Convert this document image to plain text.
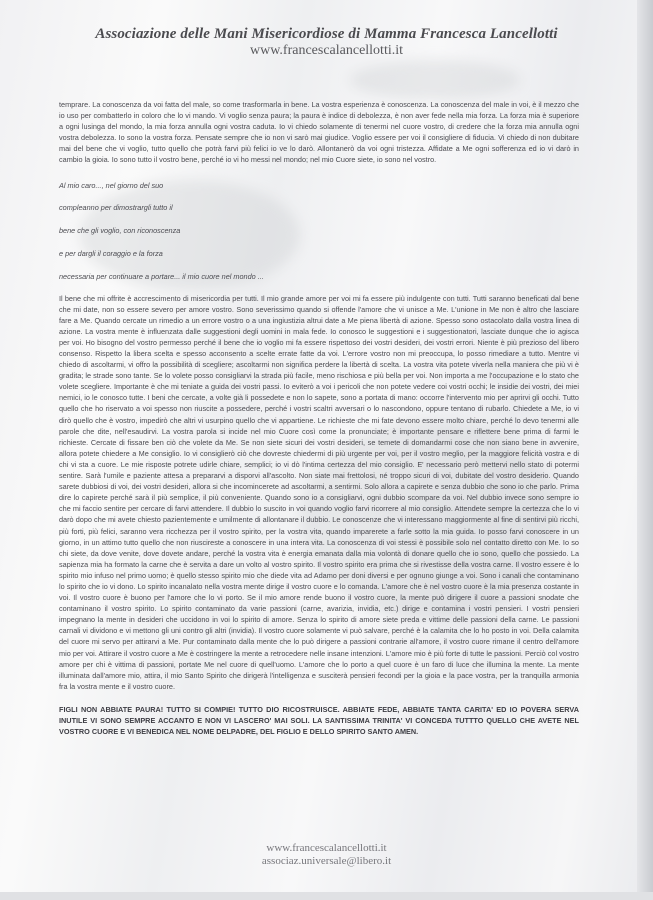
Associazione delle Mani Misericordiose di Mamma Francesca Lancellotti
www.francescalancellotti.it

temprare. La conoscenza da voi fatta del male, so come trasformarla in bene. La vostra esperienza è conoscenza. La conoscenza del male in voi, è il mezzo che io uso per combatterlo in coloro che lo vi mando. Vi voglio senza paura; la paura è indice di debolezza, è non aver fede nella mia forza. La forza mia è superiore a ogni lusinga del mondo, la mia forza annulla ogni vostra caduta. Io vi chiedo solamente di tenermi nel cuore vostro, di credere che la forza mia annulla ogni vostra debolezza. Io sono la vostra forza. Pensate sempre che io non vi sarò mai giudice. Voglio essere per voi il consigliere di fiducia. Vi chiedo di non dubitare mai del bene che vi voglio, tutto quello che potrà farvi più felici io ve lo darò. Allontanerò da voi ogni tristezza. Affidate a Me ogni sofferenza ed io vi darò in cambio la gioia. Io sono tutto il vostro bene, perché io vi ho messi nel mondo; nel mio Cuore siete, io sono nel vostro.

Al mio caro..., nel giorno del suo

compleanno per dimostrargli tutto il

bene che gli voglio, con riconoscenza

e per dargli il coraggio e la forza

necessaria per continuare a portare... il mio cuore nel mondo ...

Il bene che mi offrite è accrescimento di misericordia per tutti. Il mio grande amore per voi mi fa essere più indulgente con tutti. Tutti saranno beneficati dal bene che mi date, non so essere severo per amore vostro. Sono severissimo quando si offende l'amore che vi unisce a Me. L'unione in Me non è altro che lasciare fare a Me. Quando cercate un rimedio a un errore vostro o a una ingiustizia altrui date a Me piena libertà di azione. Spesso sono ostacolato dalla vostra linea di azione. La vostra mente è influenzata dalle suggestioni degli uomini in mala fede. Io conosco le suggestioni e i suggestionatori, lasciate dunque che io agisca per voi. Ho bisogno del vostro permesso perché il bene che io voglio mi fa essere rispettoso dei vostri desideri, dei vostri errori. Niente è più prezioso del libero consenso. Rispetto la libera scelta e spesso acconsento a scelte errate fatte da voi. L'errore vostro non mi preoccupa, lo posso rimediare a tutto. Mentre vi chiedo di ascoltarmi, vi offro la possibilità di scegliere; ascoltarmi non significa perdere la libertà di scelta. La vostra vita potete viverla nella maniera che più vi è gradita; le strade sono tante. Se lo volete posso consigliarvi la strada più facile, meno rischiosa e più bella per voi. Non importa a me l'occupazione e lo stato che volete scegliere. Importante è che mi teniate a guida dei vostri passi. Io eviterò a voi i pericoli che non potete vedere coi vostri occhi; le insidie dei vostri, dei miei nemici, io le conosco tutte. I beni che cercate, a volte già li possedete e non lo sapete, sono a portata di mano: occorre l'intervento mio per aprirvi gli occhi. Tutto quello che ho riservato a voi spesso non riuscite a possedere, perché i vostri scaltri avversari o lo nascondono, oppure tentano di rubarlo. Chiedete a Me, io vi dirò quello che è vostro, impedirò che altri vi usurpino quello che vi appartiene. Le richieste che mi fate devono essere molto chiare, perché lo devo tenermi alle parole che dite, nell'esaudirvi. La vostra parola si incide nel mio Cuore così come la pronunciate; è importante pensare e riflettere bene prima di farmi le richieste. Cercate di fissare ben ciò che volete da Me. Se non siete sicuri dei vostri desideri, se temete di domandarmi cose che non siano bene in avvenire, allora potete chiedere a Me consiglio. Io vi consiglierò ciò che dovreste chiedermi di più urgente per voi, per il vostro meglio, per la maggiore felicità vostra e di chi vi sta a cuore. Le mie risposte potrete udirle chiare, semplici; io vi dò l'intima certezza del mio consiglio. E' necessario però mettervi nello stato di potermi sentire. Sarà l'umile e paziente attesa a prepararvi a disporvi all'ascolto. Non siate mai frettolosi, né troppo sicuri di voi, dubitate del vostro desiderio. Quando sarete dubbiosi di voi, dei vostri desideri, allora si che incomincerete ad ascoltarmi, a sentirmi. Solo allora a capirete e senza dubbio che sono io che parlo. Prima dire lo capirete perché sarà il più semplice, il più conveniente. Quando sono io a consigliarvi, ogni dubbio scompare da voi. Nel dubbio invece sono sempre io che mi faccio sentire per cercare di farvi attendere. Il dubbio lo suscito in voi quando voglio farvi ricorrere al mio consiglio. Attendete sempre la certezza che lo vi darò dopo che mi avete chiesto pazientemente e umilmente di allontanare il dubbio. Le conoscenze che vi interessano maggiormente al fine di sentirvi più ricchi, più forti, più felici, saranno vera ricchezza per il vostro spirito, per la vostra vita, quando imparerete a farle sotto la mia guida. Io posso farvi conoscere in un giorno, in un attimo tutto quello che non riuscireste a conoscere in una intera vita. La conoscenza di voi stessi è possibile solo nel contatto diretto con Me. Io so chi siete, da dove venite, dove dovete andare, perché la vostra vita è energia emanata dalla mia volontà di donare quello che io sono, quello che possiedo. La sapienza mia ha formato la carne che è servita a dare un volto al vostro spirito. Il vostro spirito era prima che si rivestisse della vostra carne. Il vostro essere è lo spirito mio infuso nel primo uomo; è quello stesso spirito mio che diede vita ad Adamo per doni diversi e per ognuno giunge a voi. Sono i canali che contaminano lo spirito che io vi dono. Lo spirito incanalato nella vostra mente dirige il vostro cuore e lo comanda. L'amore che è nel vostro cuore è la mia presenza costante in voi. Il vostro cuore è buono per l'amore che lo vi porto. Se il mio amore rende buono il vostro cuore, la mente può dirigere il cuore a passioni snodate che contaminano il vostro spirito. Lo spirito contaminato da varie passioni (carne, avarizia, invidia, etc.) dirige e contamina i vostri pensieri. I vostri pensieri impegnano la mente in desideri che uccidono in voi lo spirito di amore. Senza lo spirito di amore siete preda e vittime delle passioni della carne. Le passioni carnali vi dividono e vi mettono gli uni contro gli altri (invidia). Il vostro cuore solamente vi può salvare, perché è la calamita che lo ho posto in voi. Della calamita del cuore mi servo per attirarvi a Me. Pur contaminato dalla mente che lo può dirigere a passioni contrarie all'amore, il vostro cuore rimane il centro dell'amore mio per voi. Attirare il vostro cuore a Me è costringere la mente a retrocedere nelle insane intenzioni. L'amore mio è più forte di tutte le passioni. Perciò col vostro amore per chi è vittima di passioni, portate Me nel cuore di quell'uomo. L'amore che lo porto a quel cuore è un faro di luce che illumina la mente. La mente illuminata dall'amore mio, attira, il mio Santo Spirito che dirigerà l'intelligenza e susciterà pensieri fecondi per la gioia e la pace vostra, per la tranquilla armonia fra la vostra mente e il vostro cuore.

FIGLI NON ABBIATE PAURA! TUTTO SI COMPIE! TUTTO DIO RICOSTRUISCE. ABBIATE FEDE, ABBIATE TANTA CARITA' ED IO POVERA SERVA INUTILE VI SONO SEMPRE ACCANTO E NON VI LASCERO' MAI SOLI. LA SANTISSIMA TRINITA' VI CONCEDA TUTTTO QUELLO CHE AVETE NEL VOSTRO CUORE E VI BENEDICA NEL NOME DELPADRE, DEL FIGLIO E DELLO SPIRITO SANTO AMEN.

www.francescalancellotti.it
associaz.universale@libero.it
